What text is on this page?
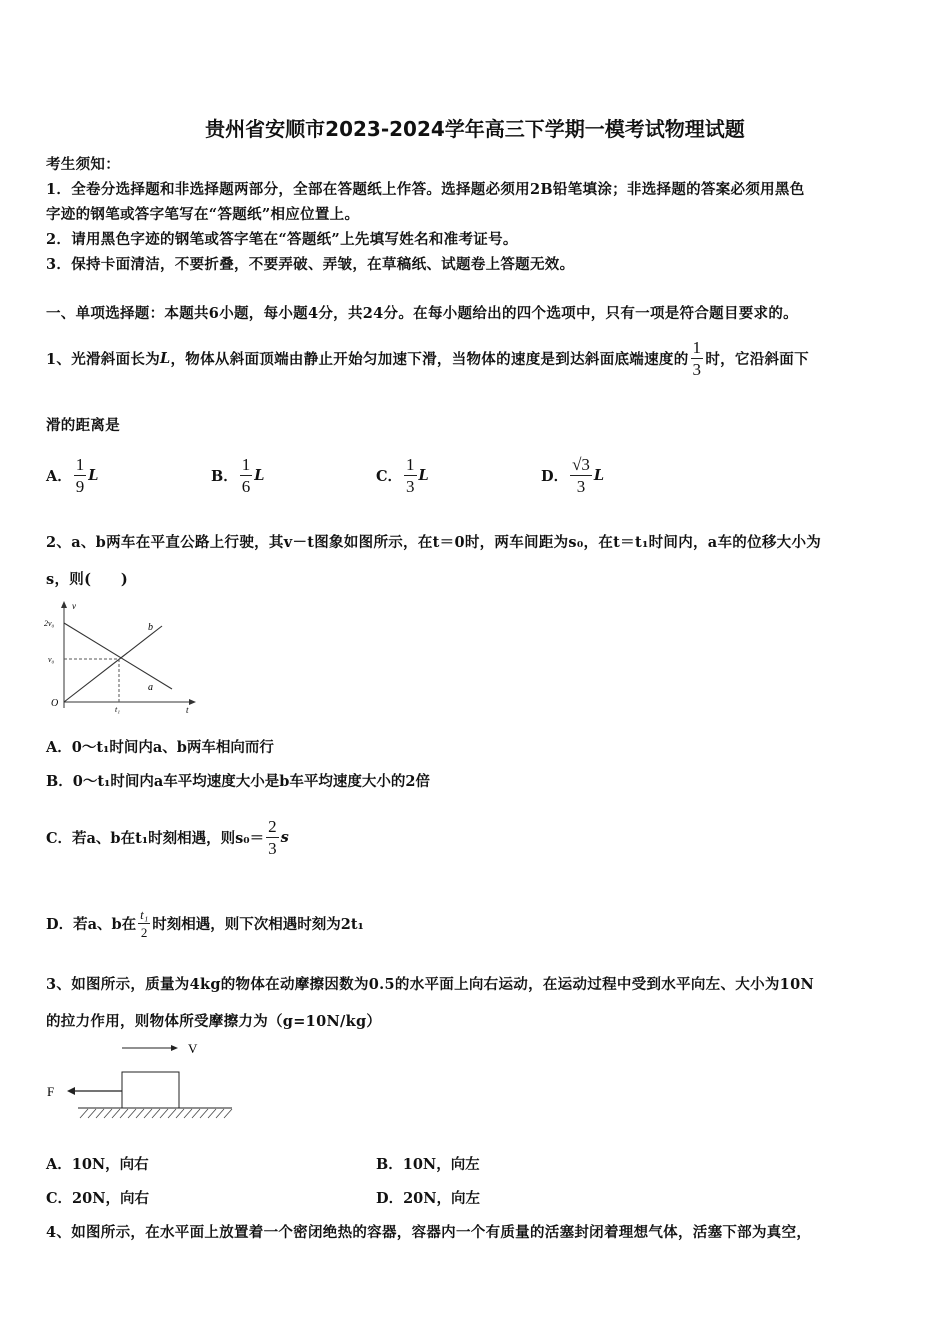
贵州省安顺市2023-2024学年高三下学期一模考试物理试题
考生须知：
1．全卷分选择题和非选择题两部分，全部在答题纸上作答。选择题必须用2B铅笔填涂；非选择题的答案必须用黑色
字迹的钢笔或答字笔写在“答题纸”相应位置上。
2．请用黑色字迹的钢笔或答字笔在“答题纸”上先填写姓名和准考证号。
3．保持卡面清洁，不要折叠，不要弄破、弄皱，在草稿纸、试题卷上答题无效。
一、单项选择题：本题共6小题，每小题4分，共24分。在每小题给出的四个选项中，只有一项是符合题目要求的。
1、光滑斜面长为 L ，物体从斜面顶端由静止开始匀加速下滑，当物体的速度是到达斜面底端速度的 $\frac{1}{3}$ 时，它沿斜面下
滑的距离是
A． $\frac{1}{9}$ L	B． $\frac{1}{6}$ L	C． $\frac{1}{3}$ L	D． $\frac{√3}{3}$ L
2、a、b两车在平直公路上行驶，其v－t图象如图所示，在t＝0时，两车间距为s₀，在t＝t₁时间内，a车的位移大小为
s，则(　　)
v
t
O
2v₀
v₀
t₁
a
b
A．0～t₁时间内a、b两车相向而行
B．0～t₁时间内a车平均速度大小是b车平均速度大小的2倍
C．若a、b在t₁时刻相遇，则$s_0= \frac{2}{3}$ s
D．若a、b在 $\frac{\text{t₁}}{2}$ 时刻相遇，则下次相遇时刻为2t₁
3、如图所示，质量为4kg的物体在动摩擦因数为0.5的水平面上向右运动，在运动过程中受到水平向左、大小为10N
的拉力作用，则物体所受摩擦力为（g=10N/kg）
V
F
A．10N，向右	B．10N，向左
C．20N，向右	D．20N，向左
4、如图所示，在水平面上放置着一个密闭绝热的容器，容器内一个有质量的活塞封闭着理想气体，活塞下部为真空，
